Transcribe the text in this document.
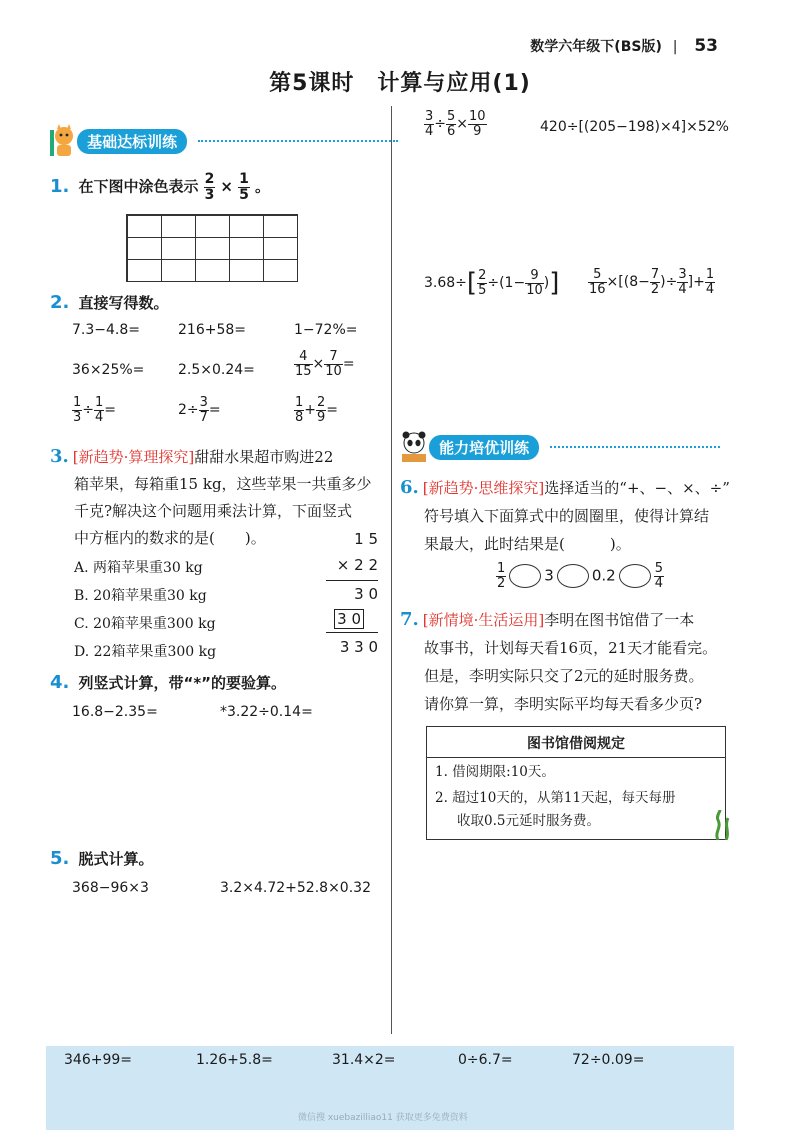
数学六年级下(BS版) | 53
第5课时　计算与应用(1)
基础达标训练
1. 在下图中涂色表示 $\frac{2}{3} \times \frac{1}{5}$ 。
2. 直接写得数。
7.3−4.8=	216+58=	1−72%=
36×25%= 2.5×0.24=	$\frac{4}{15} \times \frac{7}{10}$ =
$\frac{1}{3} \div \frac{1}{4}$ =	$2\div \frac{3}{7}$ =	$\frac{1}{8} + \frac{2}{9}$ =
3. [新趋势·算理探究]甜甜水果超市购进22
箱苹果，每箱重15 kg，这些苹果一共重多少
千克?解决这个问题用乘法计算，下面竖式
中方框内的数求的是(　　)。
A. 两箱苹果重30 kg
B. 20箱苹果重30 kg
C. 20箱苹果重300 kg
D. 22箱苹果重300 kg
1 5
× 2 2
3 0
3 0
3 3 0
4. 列竖式计算，带“*”的要验算。
16.8−2.35=	*3.22÷0.14=
5. 脱式计算。
368−96×3	3.2×4.72+52.8×0.32
$\frac{3}{4} \div \frac{5}{6} \times \frac{10}{9}$	420÷[(205−198)×4]×52%
$3.68\div[ \frac{2}{5} \div(1- \frac{9}{10}$ )] $\frac{5}{16} \times[(8- \frac{7}{2}$ )÷ $\frac{3}{4}$ ]+ $\frac{1}{4}$
能力培优训练
6. [新趋势·思维探究]选择适当的“+、−、×、÷”
符号填入下面算式中的圆圈里，使得计算结
果最大，此时结果是(　　　)。
$\frac{1}{2}$	3	0.2	$\frac{5}{4}$
7. [新情境·生活运用]李明在图书馆借了一本
故事书，计划每天看16页，21天才能看完。
但是，李明实际只交了2元的延时服务费。
请你算一算，李明实际平均每天看多少页?
图书馆借阅规定
1. 借阅期限:10天。
2. 超过10天的，从第11天起，每天每册
收取0.5元延时服务费。
346+99=	1.26+5.8=	31.4×2=	0÷6.7=	72÷0.09=
微信搜 xuebazilliao11 获取更多免费资料
